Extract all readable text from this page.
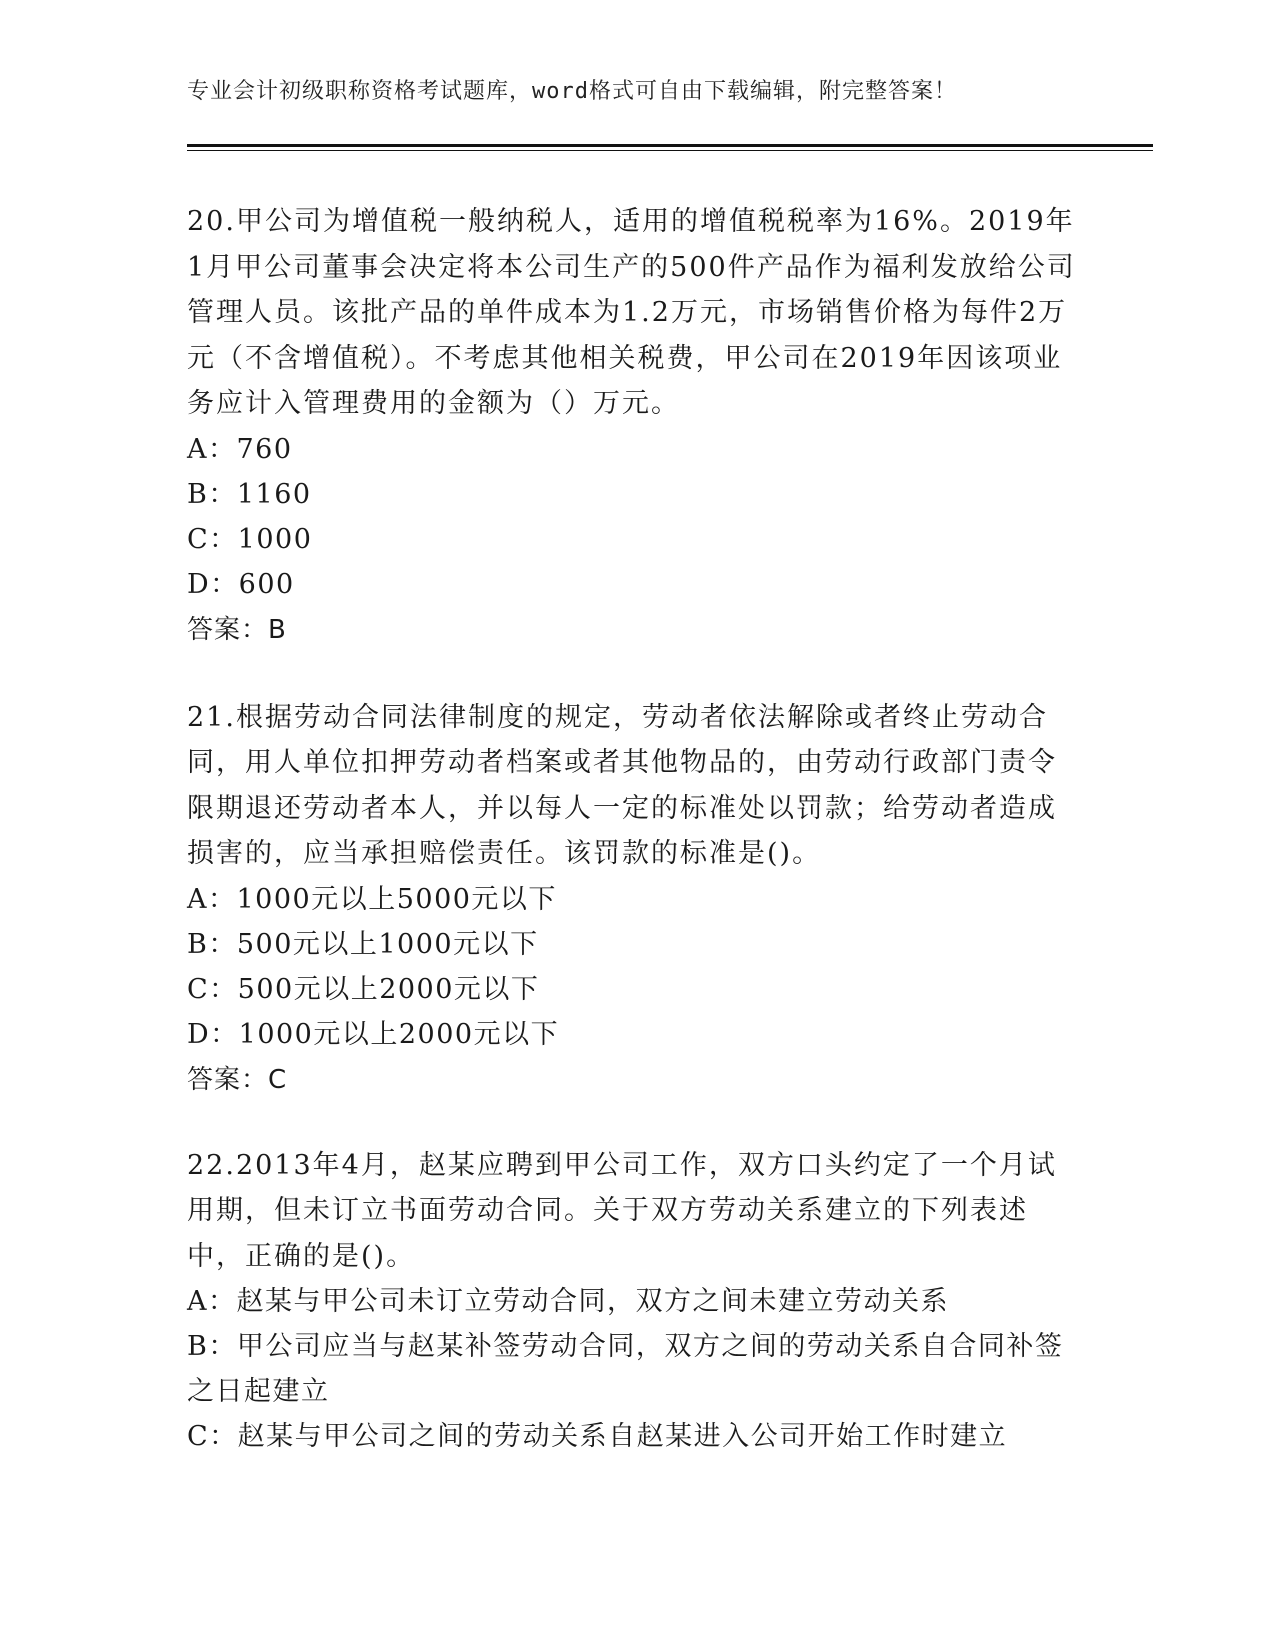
专业会计初级职称资格考试题库，word格式可自由下载编辑，附完整答案！

20.甲公司为增值税一般纳税人，适用的增值税税率为16%。2019年1月甲公司董事会决定将本公司生产的500件产品作为福利发放给公司管理人员。该批产品的单件成本为1.2万元，市场销售价格为每件2万元（不含增值税）。不考虑其他相关税费，甲公司在2019年因该项业务应计入管理费用的金额为（）万元。

A：760

B：1160

C：1000

D：600

答案：B

21.根据劳动合同法律制度的规定，劳动者依法解除或者终止劳动合同，用人单位扣押劳动者档案或者其他物品的，由劳动行政部门责令限期退还劳动者本人，并以每人一定的标准处以罚款；给劳动者造成损害的，应当承担赔偿责任。该罚款的标准是()。

A：1000元以上5000元以下

B：500元以上1000元以下

C：500元以上2000元以下

D：1000元以上2000元以下

答案：C

22.2013年4月，赵某应聘到甲公司工作，双方口头约定了一个月试用期，但未订立书面劳动合同。关于双方劳动关系建立的下列表述中，正确的是()。

A：赵某与甲公司未订立劳动合同，双方之间未建立劳动关系

B：甲公司应当与赵某补签劳动合同，双方之间的劳动关系自合同补签之日起建立

C：赵某与甲公司之间的劳动关系自赵某进入公司开始工作时建立
